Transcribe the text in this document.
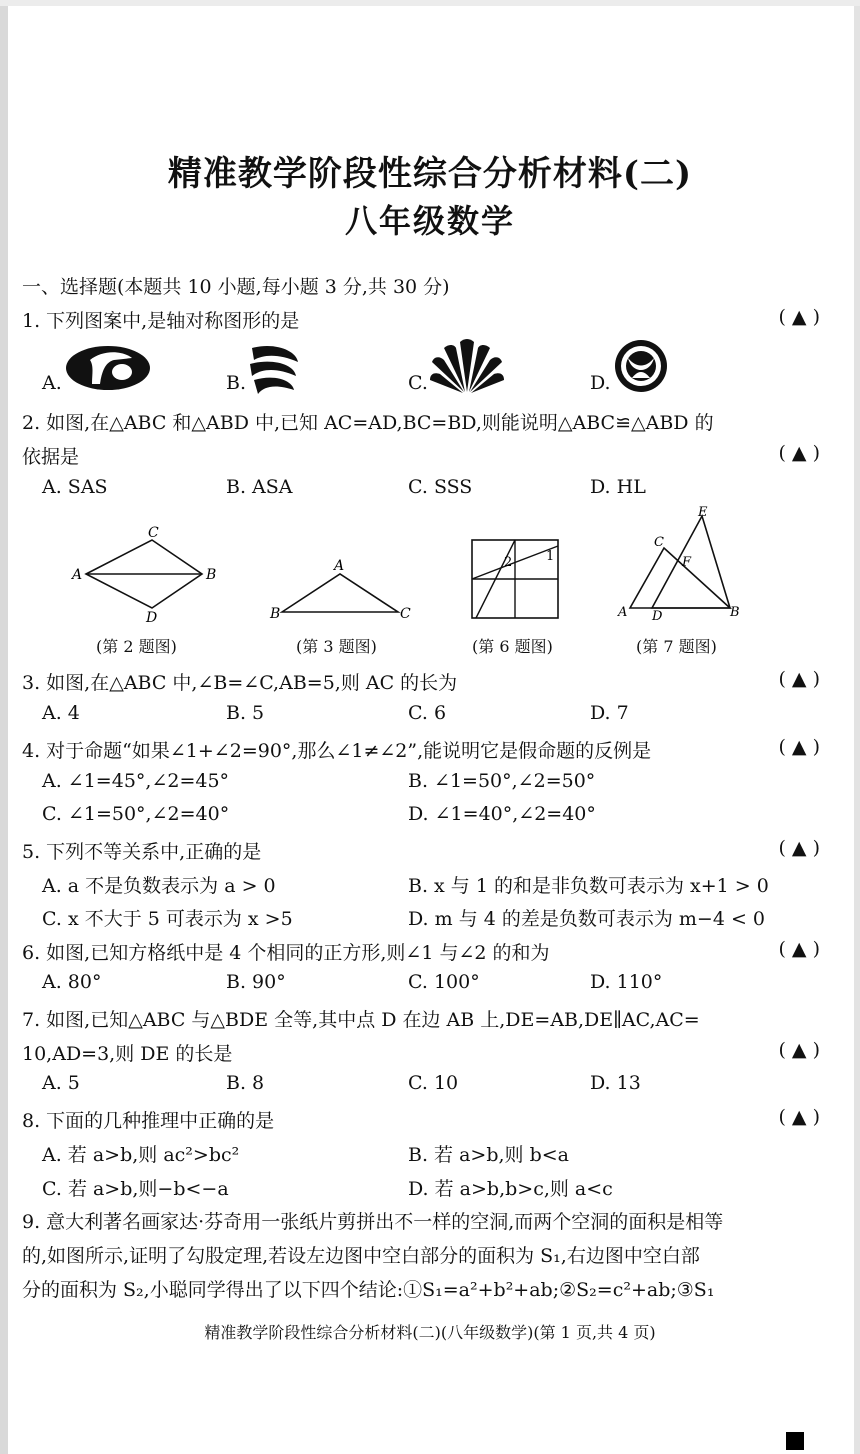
精准教学阶段性综合分析材料(二)
八年级数学
一、选择题(本题共 10 小题,每小题 3 分,共 30 分)
1. 下列图案中,是轴对称图形的是	( ▲ )
A.	B.	C.	D.
2. 如图,在△ABC 和△ABD 中,已知 AC=AD,BC=BD,则能说明△ABC≌△ABD 的
依据是	( ▲ )
A. SAS	B. ASA	C. SSS	D. HL
C
A	B
D
(第 2 题图)
A
B	C
(第 3 题图)
2	1
(第 6 题图)
E
C
F
A D	B
(第 7 题图)
3. 如图,在△ABC 中,∠B=∠C,AB=5,则 AC 的长为	( ▲ )
A. 4	B. 5	C. 6	D. 7
4. 对于命题“如果∠1+∠2=90°,那么∠1≠∠2”,能说明它是假命题的反例是	( ▲ )
A. ∠1=45°,∠2=45°	B. ∠1=50°,∠2=50°
C. ∠1=50°,∠2=40°	D. ∠1=40°,∠2=40°
5. 下列不等关系中,正确的是	( ▲ )
A. a 不是负数表示为 a > 0	B. x 与 1 的和是非负数可表示为 x+1 > 0
C. x 不大于 5 可表示为 x >5	D. m 与 4 的差是负数可表示为 m−4 < 0
6. 如图,已知方格纸中是 4 个相同的正方形,则∠1 与∠2 的和为	( ▲ )
A. 80°	B. 90°	C. 100°	D. 110°
7. 如图,已知△ABC 与△BDE 全等,其中点 D 在边 AB 上,DE=AB,DE∥AC,AC=
10,AD=3,则 DE 的长是	( ▲ )
A. 5	B. 8	C. 10	D. 13
8. 下面的几种推理中正确的是	( ▲ )
A. 若 a>b,则 ac²>bc²	B. 若 a>b,则 b<a
C. 若 a>b,则−b<−a	D. 若 a>b,b>c,则 a<c
9. 意大利著名画家达·芬奇用一张纸片剪拼出不一样的空洞,而两个空洞的面积是相等
的,如图所示,证明了勾股定理,若设左边图中空白部分的面积为 S₁,右边图中空白部
分的面积为 S₂,小聪同学得出了以下四个结论:①S₁=a²+b²+ab;②S₂=c²+ab;③S₁
精准教学阶段性综合分析材料(二)(八年级数学)(第 1 页,共 4 页)
